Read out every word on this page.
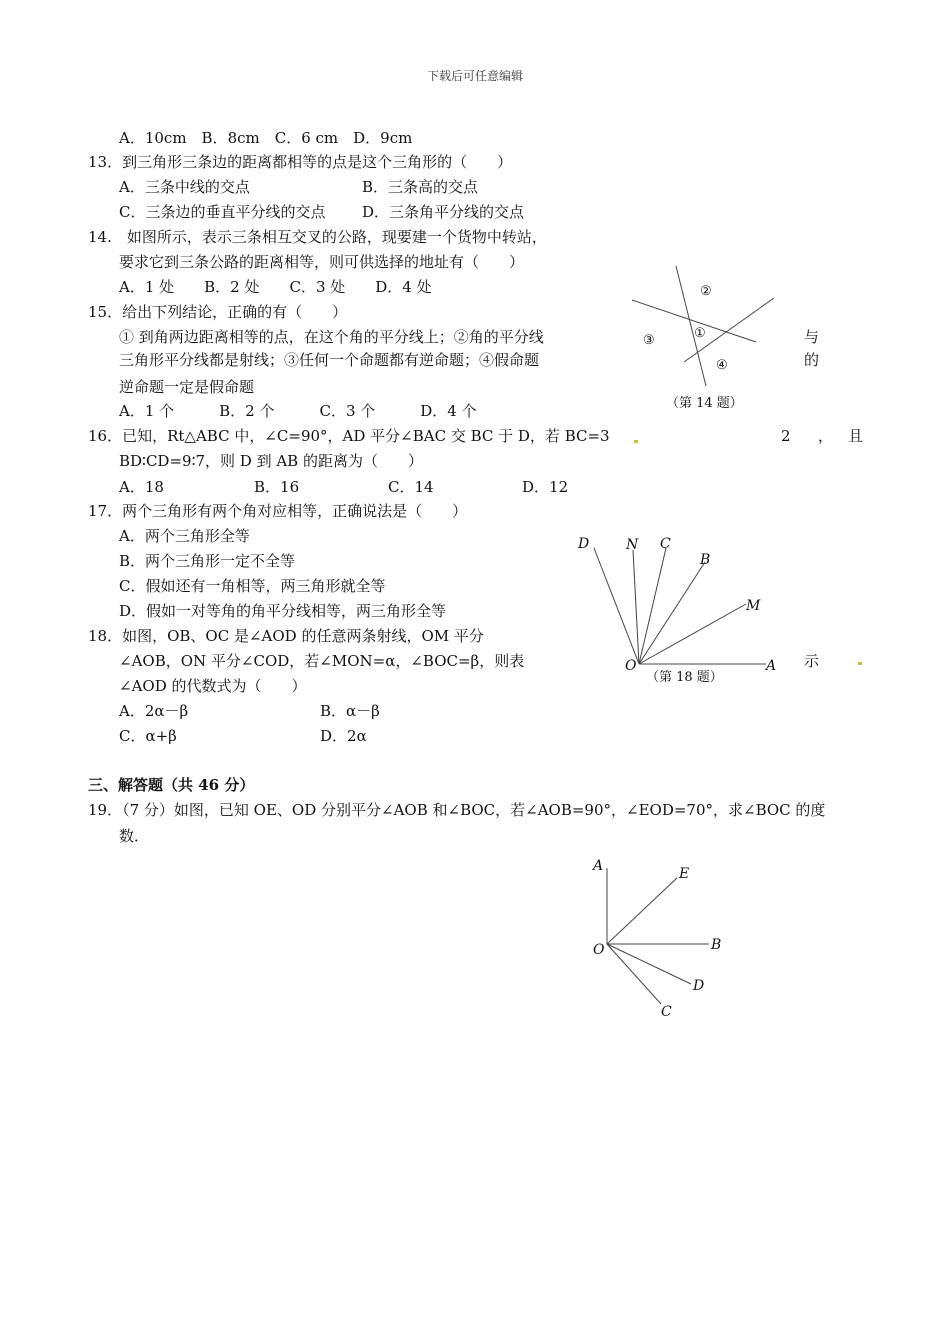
下载后可任意编辑
A．10cm　B．8cm　C．6 cm　D．9cm
13．到三角形三条边的距离都相等的点是这个三角形的（　　）
A．三条中线的交点	B．三条高的交点
C．三条边的垂直平分线的交点 D．三条角平分线的交点
14.　如图所示，表示三条相互交叉的公路，现要建一个货物中转站，
要求它到三条公路的距离相等，则可供选择的地址有（　　）
A．1 处　　B．2 处　　C．3 处　　D．4 处	②
①
③
④
（第 14 题）
15．给出下列结论，正确的有（　　）
① 到角两边距离相等的点，在这个角的平分线上；②角的平分线	与
三角形平分线都是射线；③任何一个命题都有逆命题；④假命题	的
逆命题一定是假命题
A．1 个　　　B．2 个　　　C．3 个　　　D．4 个
16．已知，Rt△ABC 中，∠C=90°，AD 平分∠BAC 交 BC 于 D，若 BC=3	2 ， 且
BD∶CD=9∶7，则 D 到 AB 的距离为（　　）
A．18	B．16	C．14	D．12
17．两个三角形有两个角对应相等，正确说法是（　　）
A．两个三角形全等
B．两个三角形一定不全等
C．假如还有一角相等，两三角形就全等
D．假如一对等角的角平分线相等，两三角形全等
D	N C
B
M
O	A
（第 18 题）
18．如图，OB、OC 是∠AOD 的任意两条射线，OM 平分
∠AOB，ON 平分∠COD，若∠MON=α，∠BOC=β，则表	示
∠AOD 的代数式为（　　）
A．2α－β	B．α－β
C．α+β	D．2α
三、解答题（共 46 分）
19．（7 分）如图，已知 OE、OD 分别平分∠AOB 和∠BOC，若∠AOB=90°，∠EOD=70°，求∠BOC 的度
数．
A	E
B
O
D
C
